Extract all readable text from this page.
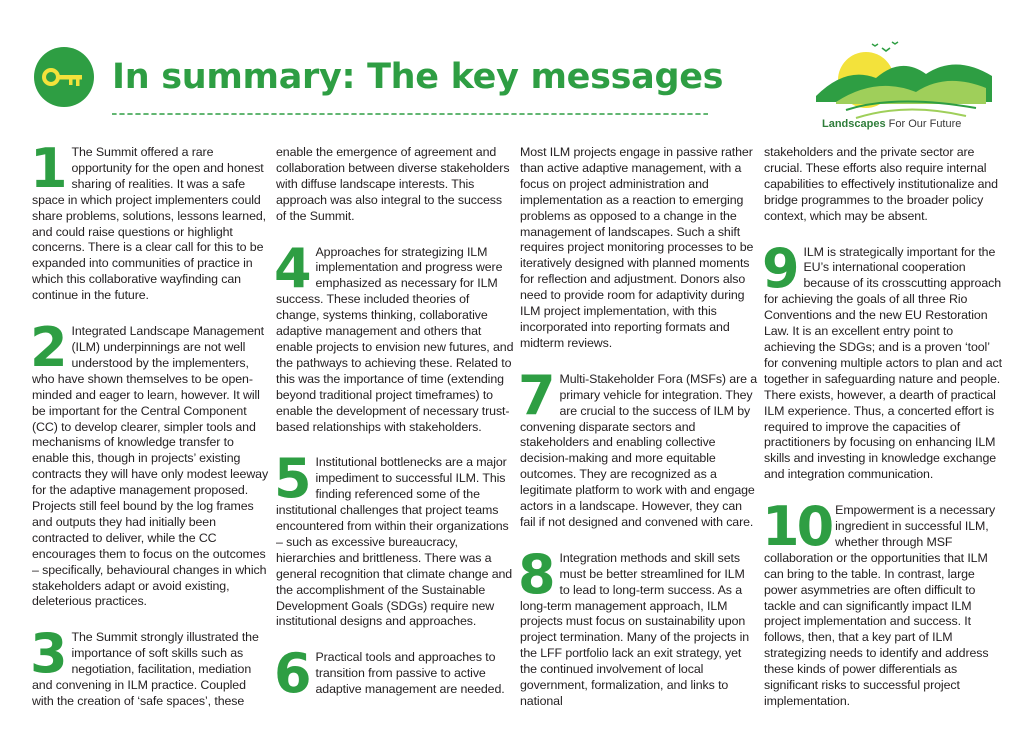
In summary: The key messages
Landscapes For Our Future

1 The Summit offered a rare opportunity for the open and honest sharing of realities. It was a safe space in which project implementers could share problems, solutions, lessons learned, and could raise questions or highlight concerns. There is a clear call for this to be expanded into communities of practice in which this collaborative wayfinding can continue in the future.

2 Integrated Landscape Management (ILM) underpinnings are not well understood by the implementers, who have shown themselves to be open-minded and eager to learn, however. It will be important for the Central Component (CC) to develop clearer, simpler tools and mechanisms of knowledge transfer to enable this, though in projects’ existing contracts they will have only modest leeway for the adaptive management proposed. Projects still feel bound by the log frames and outputs they had initially been contracted to deliver, while the CC encourages them to focus on the outcomes – specifically, behavioural changes in which stakeholders adapt or avoid existing, deleterious practices.

3 The Summit strongly illustrated the importance of soft skills such as negotiation, facilitation, mediation and convening in ILM practice. Coupled with the creation of ‘safe spaces’, these

enable the emergence of agreement and collaboration between diverse stakeholders with diffuse landscape interests. This approach was also integral to the success of the Summit.

4 Approaches for strategizing ILM implementation and progress were emphasized as necessary for ILM success. These included theories of change, systems thinking, collaborative adaptive management and others that enable projects to envision new futures, and the pathways to achieving these. Related to this was the importance of time (extending beyond traditional project timeframes) to enable the development of necessary trust-based relationships with stakeholders.

5 Institutional bottlenecks are a major impediment to successful ILM. This finding referenced some of the institutional challenges that project teams encountered from within their organizations – such as excessive bureaucracy, hierarchies and brittleness. There was a general recognition that climate change and the accomplishment of the Sustainable Development Goals (SDGs) require new institutional designs and approaches.

6 Practical tools and approaches to transition from passive to active adaptive management are needed.

Most ILM projects engage in passive rather than active adaptive management, with a focus on project administration and implementation as a reaction to emerging problems as opposed to a change in the management of landscapes. Such a shift requires project monitoring processes to be iteratively designed with planned moments for reflection and adjustment. Donors also need to provide room for adaptivity during ILM project implementation, with this incorporated into reporting formats and midterm reviews.

7 Multi-Stakeholder Fora (MSFs) are a primary vehicle for integration. They are crucial to the success of ILM by convening disparate sectors and stakeholders and enabling collective decision-making and more equitable outcomes. They are recognized as a legitimate platform to work with and engage actors in a landscape. However, they can fail if not designed and convened with care.

8 Integration methods and skill sets must be better streamlined for ILM to lead to long-term success. As a long-term management approach, ILM projects must focus on sustainability upon project termination. Many of the projects in the LFF portfolio lack an exit strategy, yet the continued involvement of local government, formalization, and links to national

stakeholders and the private sector are crucial. These efforts also require internal capabilities to effectively institutionalize and bridge programmes to the broader policy context, which may be absent.

9 ILM is strategically important for the EU’s international cooperation because of its crosscutting approach for achieving the goals of all three Rio Conventions and the new EU Restoration Law. It is an excellent entry point to achieving the SDGs; and is a proven ‘tool’ for convening multiple actors to plan and act together in safeguarding nature and people. There exists, however, a dearth of practical ILM experience. Thus, a concerted effort is required to improve the capacities of practitioners by focusing on enhancing ILM skills and investing in knowledge exchange and integration communication.

10 Empowerment is a necessary ingredient in successful ILM, whether through MSF collaboration or the opportunities that ILM can bring to the table. In contrast, large power asymmetries are often difficult to tackle and can significantly impact ILM project implementation and success. It follows, then, that a key part of ILM strategizing needs to identify and address these kinds of power differentials as significant risks to successful project implementation.
